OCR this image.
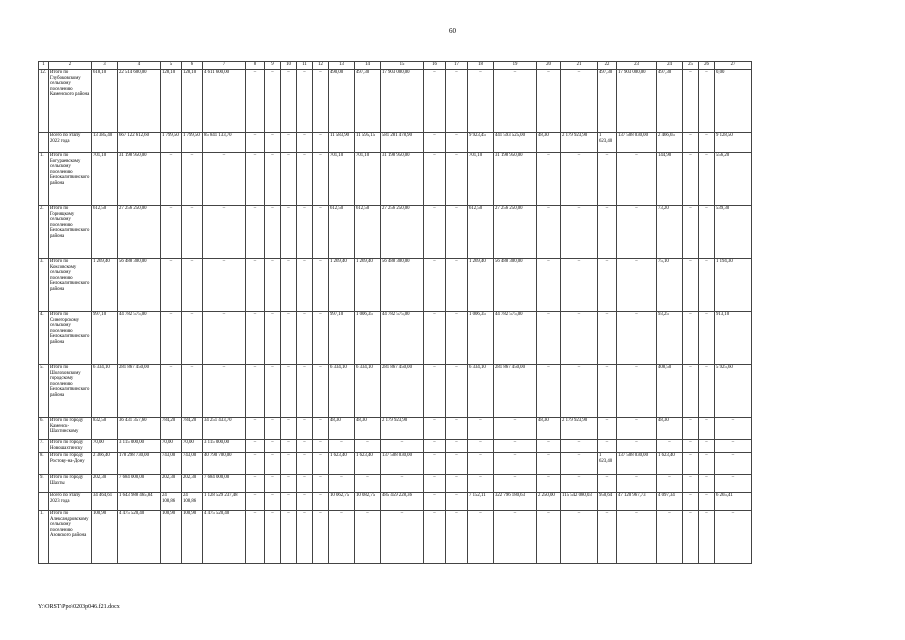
60
1	2	3	4	5	6	7	8	9	10	11	12	13	14	15	16	17	18	19	20	21	22	23	24	25	26	27
12.	Итого по Глубоковскому сельскому поселению Каменского района	618,10	22 514 600,00	128,10	128,10	4 611 600,00	–	–	–	–	–	490,00	497,30	17 903 000,00	–	–	–	–	–	–	497,30	17 903 000,00	497,30	–	–	0,00
	Всего по этапу 2022 года	13 385,40	667 122 612,60	1 799,50	1 799,50	85 841 133,70	–	–	–	–	–	11 583,90	11 595,15	581 281 478,90	–	–	9 923,45	441 593 525,00	48,30	2 179 923,90	1 623,40	137 508 030,00	2 466,65	–	–	9 128,50
1.	Итого по Богураевскому сельскому поселению Белокалитвинского района	701,10	31 198 950,00	–	–	–	–	–	–	–	–	701,10	701,10	31 198 950,00	–	–	701,10	31 198 950,00	–	–	–	–	144,90	–	–	556,20
2.	Итого по Горняцкому сельскому поселению Белокалитвинского района	612,50	27 256 250,00	–	–	–	–	–	–	–	–	612,50	612,50	27 256 250,00	–	–	612,50	27 256 250,00	–	–	–	–	73,20	–	–	539,30
3.	Итого по Коксовскому сельскому поселению Белокалитвинского района	1 269,40	56 488 300,00	–	–	–	–	–	–	–	–	1 269,40	1 269,40	56 488 300,00	–	–	1 269,40	56 488 300,00	–	–	–	–	75,10	–	–	1 194,30
4.	Итого по Синегорскому сельскому поселению Белокалитвинского района	997,10	44 782 575,00	–	–	–	–	–	–	–	–	997,10	1 006,35	44 782 575,00	–	–	1 006,35	44 782 575,00	–	–	–	–	93,25	–	–	913,10
5.	Итого по Шолоховскому городскому поселению Белокалитвинского района	6 334,10	281 867 450,00	–	–	–	–	–	–	–	–	6 334,10	6 334,10	281 867 450,00	–	–	6 334,10	281 867 450,00	–	–	–	–	408,50	–	–	5 925,60
6.	Итого по городу Каменск-Шахтинскому	832,50	36 431 357,60	784,20	784,20	34 251 433,70	–	–	–	–	–	48,30	48,30	2 179 923,90	–	–	–	–	48,30	2 179 923,90	–	–	48,30	–	–	–
7.	Итого по городу Новошахтинску	70,00	3 115 000,00	70,00	70,00	3 115 000,00	–	–	–	–	–	–	–	–	–	–	–	–	–	–	–	–	–	–	–	–
8.	Итого по городу Ростову-на-Дону	2 366,40	178 298 730,00	743,00	743,00	40 790 700,00	–	–	–	–	–	1 623,40	1 623,40	137 508 030,00	–	–	–	–	–	–	1 623,40	137 508 030,00	1 623,40	–	–	–
9.	Итого по городу Шахты	202,30	7 684 000,00	202,30	202,30	7 684 000,00	–	–	–	–	–	–	–	–	–	–	–	–	–	–	–	–	–	–	–	–
	Всего по этапу 2023 года	34 464,61	1 643 988 465,84	24 108,86	24 108,86	1 128 529 237,48	–	–	–	–	–	10 062,75	10 082,75	485 459 228,36	–	–	7 152,11	322 796 180,63	2 250,00	115 542 080,03	950,64	47 120 967,73	4 097,34	–	–	6 265,41
1.	Итого по Александровскому сельскому поселению Азовского района	100,90	4 475 520,40	100,90	100,90	4 475 520,40	–	–	–	–	–	–	–	–	–	–	–	–	–	–	–	–	–	–	–	–
Y:\ORST\Ppo\0203p046.f21.docx
